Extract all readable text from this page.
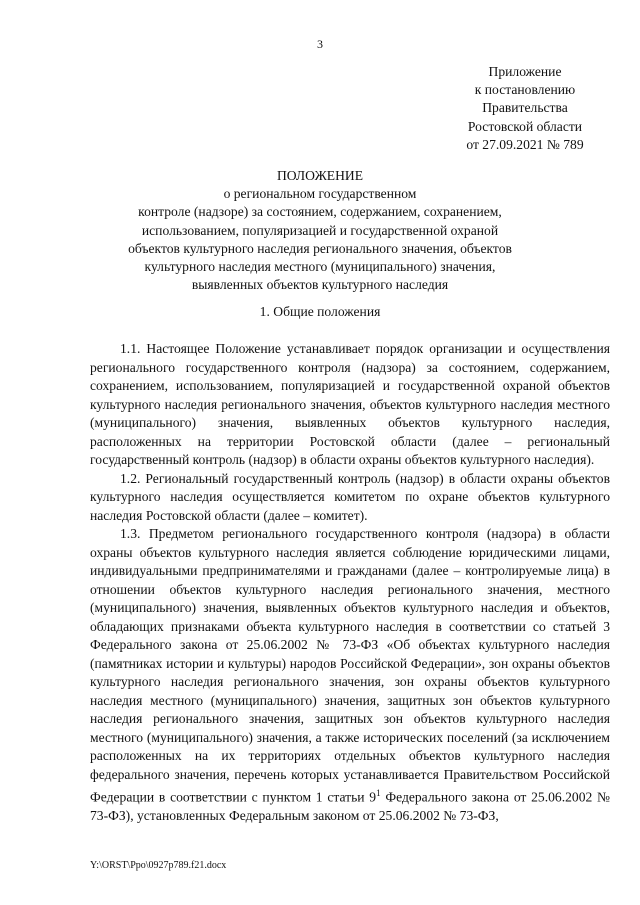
3
Приложение
к постановлению
Правительства
Ростовской области
от 27.09.2021 № 789
ПОЛОЖЕНИЕ
о региональном государственном
контроле (надзоре) за состоянием, содержанием, сохранением,
использованием, популяризацией и государственной охраной
объектов культурного наследия регионального значения, объектов
культурного наследия местного (муниципального) значения,
выявленных объектов культурного наследия
1. Общие положения

1.1. Настоящее Положение устанавливает порядок организации и осуществления регионального государственного контроля (надзора) за состоянием, содержанием, сохранением, использованием, популяризацией и государственной охраной объектов культурного наследия регионального значения, объектов культурного наследия местного (муниципального) значения, выявленных объектов культурного наследия, расположенных на территории Ростовской области (далее – региональный государственный контроль (надзор) в области охраны объектов культурного наследия).

1.2. Региональный государственный контроль (надзор) в области охраны объектов культурного наследия осуществляется комитетом по охране объектов культурного наследия Ростовской области (далее – комитет).

1.3. Предметом регионального государственного контроля (надзора) в области охраны объектов культурного наследия является соблюдение юридическими лицами, индивидуальными предпринимателями и гражданами (далее – контролируемые лица) в отношении объектов культурного наследия регионального значения, местного (муниципального) значения, выявленных объектов культурного наследия и объектов, обладающих признаками объекта культурного наследия в соответствии со статьей 3 Федерального закона от 25.06.2002 № 73-ФЗ «Об объектах культурного наследия (памятниках истории и культуры) народов Российской Федерации», зон охраны объектов культурного наследия регионального значения, зон охраны объектов культурного наследия местного (муниципального) значения, защитных зон объектов культурного наследия регионального значения, защитных зон объектов культурного наследия местного (муниципального) значения, а также исторических поселений (за исключением расположенных на их территориях отдельных объектов культурного наследия федерального значения, перечень которых устанавливается Правительством Российской Федерации в соответствии с пунктом 1 статьи $9^1$ Федерального закона от 25.06.2002 № 73-ФЗ), установленных Федеральным законом от 25.06.2002 № 73-ФЗ,

Y:\ORST\Ppo\0927p789.f21.docx
